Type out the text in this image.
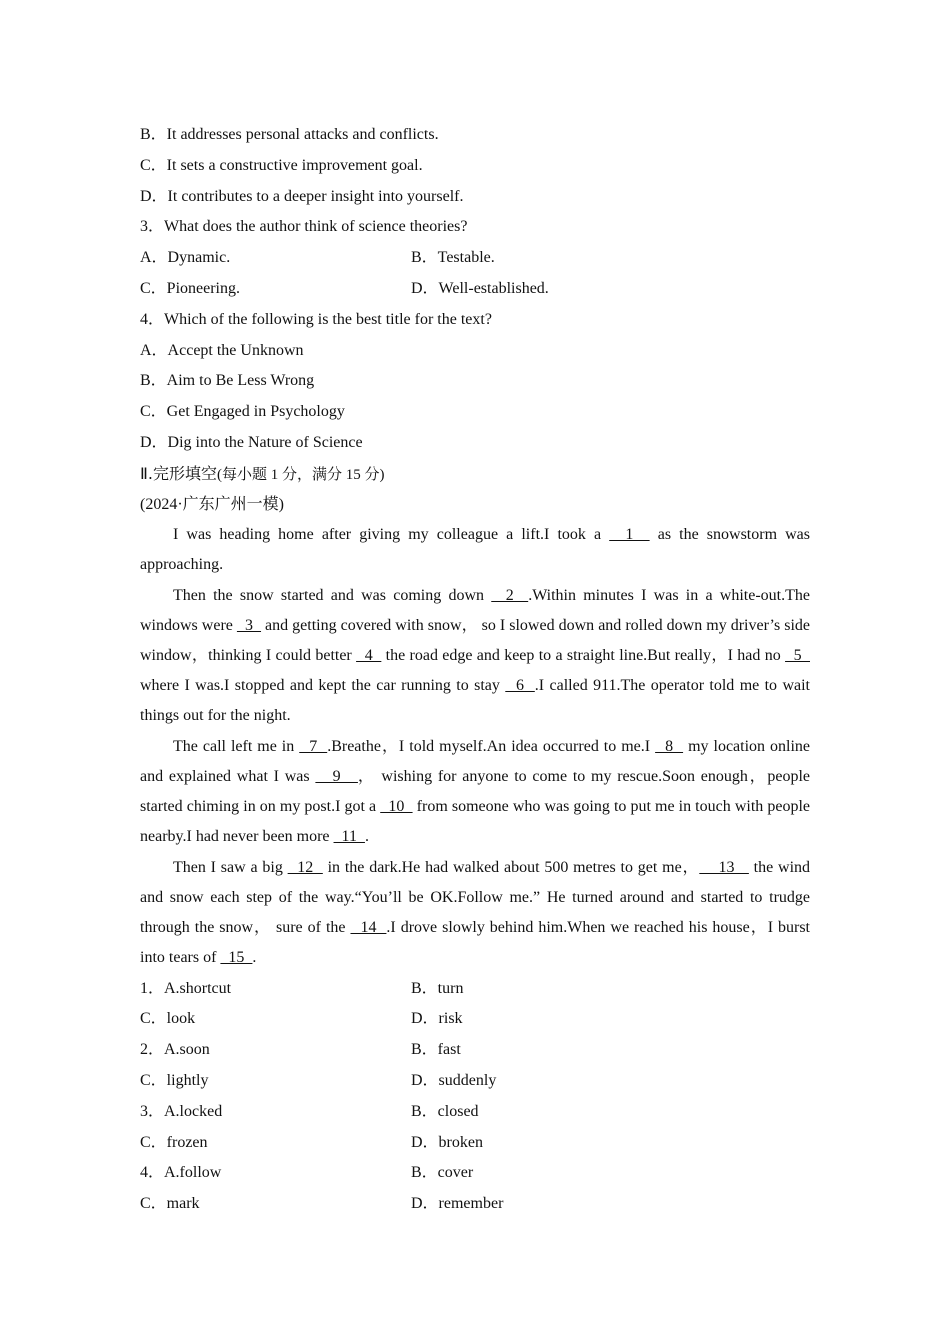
B．It addresses personal attacks and conflicts.
C．It sets a constructive improvement goal.
D．It contributes to a deeper insight into yourself.
3．What does the author think of science theories?
A．Dynamic.	B．Testable.
C．Pioneering.	D．Well-established.
4．Which of the following is the best title for the text?
A．Accept the Unknown
B．Aim to Be Less Wrong
C．Get Engaged in Psychology
D．Dig into the Nature of Science
Ⅱ.完形填空(每小题 1 分，满分 15 分)
(2024·广东广州一模)

I was heading home after giving my colleague a lift.I took a   1   as the snowstorm was approaching.

Then the snow started and was coming down   2  .Within minutes I was in a white-out.The windows were   3   and getting covered with snow， so I slowed down and rolled down my driver’s side window，thinking I could better   4   the road edge and keep to a straight line.But really，I had no   5   where I was.I stopped and kept the car running to stay   6  .I called 911.The operator told me to wait things out for the night.

The call left me in   7  .Breathe，I told myself.An idea occurred to me.I   8   my location online and explained what I was    9   ， wishing for anyone to come to my rescue.Soon enough，people started chiming in on my post.I got a   10   from someone who was going to put me in touch with people nearby.I had never been more   11  .

Then I saw a big   12   in the dark.He had walked about 500 metres to get me，    13    the wind and snow each step of the way.“You’ll be OK.Follow me.” He turned around and started to trudge through the snow， sure of the   14  .I drove slowly behind him.When we reached his house，I burst into tears of   15  .

1．A.shortcut	B．turn
C．look	D．risk
2．A.soon	B．fast
C．lightly	D．suddenly
3．A.locked	B．closed
C．frozen	D．broken
4．A.follow	B．cover
C．mark	D．remember
